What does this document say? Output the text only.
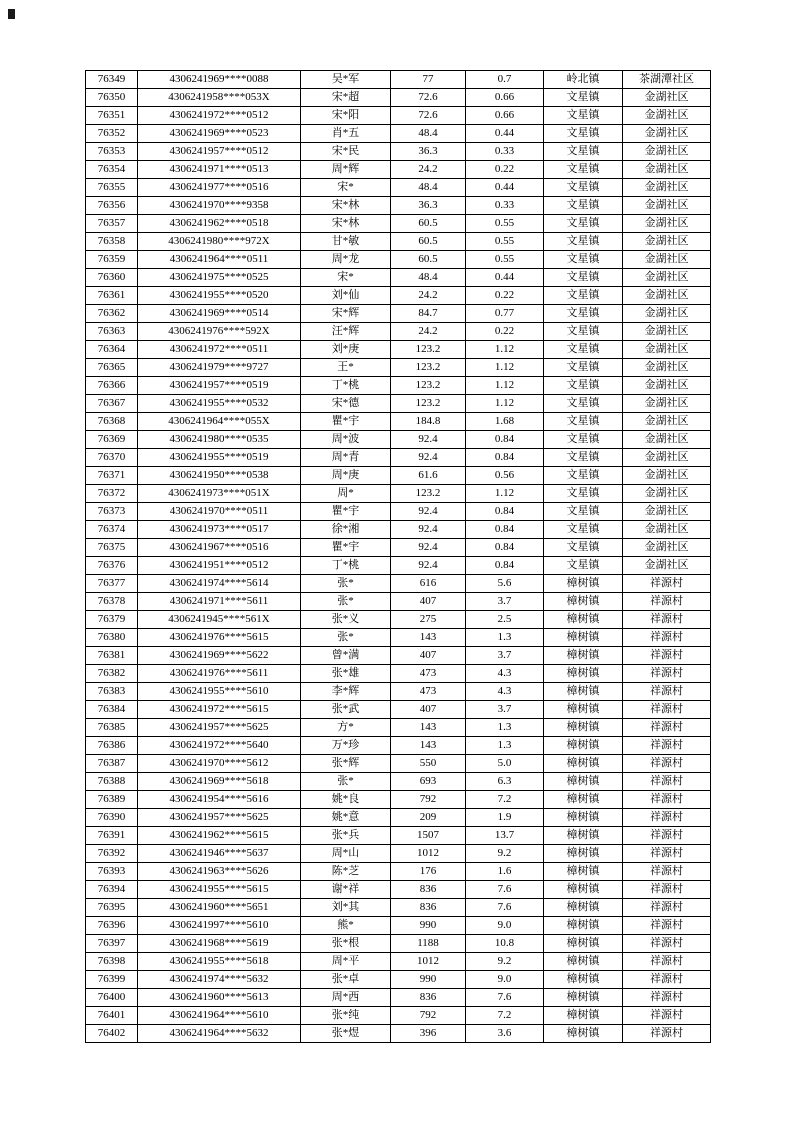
76349	4306241969****0088	吴*军	77	0.7	岭北镇	茶湖潭社区
76350	4306241958****053X	宋*超	72.6	0.66	文星镇	金湖社区
76351	4306241972****0512	宋*阳	72.6	0.66	文星镇	金湖社区
76352	4306241969****0523	肖*五	48.4	0.44	文星镇	金湖社区
76353	4306241957****0512	宋*民	36.3	0.33	文星镇	金湖社区
76354	4306241971****0513	周*辉	24.2	0.22	文星镇	金湖社区
76355	4306241977****0516	宋*	48.4	0.44	文星镇	金湖社区
76356	4306241970****9358	宋*林	36.3	0.33	文星镇	金湖社区
76357	4306241962****0518	宋*林	60.5	0.55	文星镇	金湖社区
76358	4306241980****972X	甘*敏	60.5	0.55	文星镇	金湖社区
76359	4306241964****0511	周*龙	60.5	0.55	文星镇	金湖社区
76360	4306241975****0525	宋*	48.4	0.44	文星镇	金湖社区
76361	4306241955****0520	刘*仙	24.2	0.22	文星镇	金湖社区
76362	4306241969****0514	宋*辉	84.7	0.77	文星镇	金湖社区
76363	4306241976****592X	汪*辉	24.2	0.22	文星镇	金湖社区
76364	4306241972****0511	刘*庚	123.2	1.12	文星镇	金湖社区
76365	4306241979****9727	王*	123.2	1.12	文星镇	金湖社区
76366	4306241957****0519	丁*桃	123.2	1.12	文星镇	金湖社区
76367	4306241955****0532	宋*德	123.2	1.12	文星镇	金湖社区
76368	4306241964****055X	瞿*宇	184.8	1.68	文星镇	金湖社区
76369	4306241980****0535	周*波	92.4	0.84	文星镇	金湖社区
76370	4306241955****0519	周*青	92.4	0.84	文星镇	金湖社区
76371	4306241950****0538	周*庚	61.6	0.56	文星镇	金湖社区
76372	4306241973****051X	周*	123.2	1.12	文星镇	金湖社区
76373	4306241970****0511	瞿*宇	92.4	0.84	文星镇	金湖社区
76374	4306241973****0517	徐*湘	92.4	0.84	文星镇	金湖社区
76375	4306241967****0516	瞿*宇	92.4	0.84	文星镇	金湖社区
76376	4306241951****0512	丁*桃	92.4	0.84	文星镇	金湖社区
76377	4306241974****5614	张*	616	5.6	樟树镇	祥源村
76378	4306241971****5611	张*	407	3.7	樟树镇	祥源村
76379	4306241945****561X	张*义	275	2.5	樟树镇	祥源村
76380	4306241976****5615	张*	143	1.3	樟树镇	祥源村
76381	4306241969****5622	曾*满	407	3.7	樟树镇	祥源村
76382	4306241976****5611	张*雄	473	4.3	樟树镇	祥源村
76383	4306241955****5610	李*辉	473	4.3	樟树镇	祥源村
76384	4306241972****5615	张*武	407	3.7	樟树镇	祥源村
76385	4306241957****5625	方*	143	1.3	樟树镇	祥源村
76386	4306241972****5640	万*珍	143	1.3	樟树镇	祥源村
76387	4306241970****5612	张*辉	550	5.0	樟树镇	祥源村
76388	4306241969****5618	张*	693	6.3	樟树镇	祥源村
76389	4306241954****5616	姚*良	792	7.2	樟树镇	祥源村
76390	4306241957****5625	姚*意	209	1.9	樟树镇	祥源村
76391	4306241962****5615	张*兵	1507	13.7	樟树镇	祥源村
76392	4306241946****5637	周*山	1012	9.2	樟树镇	祥源村
76393	4306241963****5626	陈*芝	176	1.6	樟树镇	祥源村
76394	4306241955****5615	谢*祥	836	7.6	樟树镇	祥源村
76395	4306241960****5651	刘*其	836	7.6	樟树镇	祥源村
76396	4306241997****5610	熊*	990	9.0	樟树镇	祥源村
76397	4306241968****5619	张*根	1188	10.8	樟树镇	祥源村
76398	4306241955****5618	周*平	1012	9.2	樟树镇	祥源村
76399	4306241974****5632	张*卓	990	9.0	樟树镇	祥源村
76400	4306241960****5613	周*西	836	7.6	樟树镇	祥源村
76401	4306241964****5610	张*纯	792	7.2	樟树镇	祥源村
76402	4306241964****5632	张*煜	396	3.6	樟树镇	祥源村
